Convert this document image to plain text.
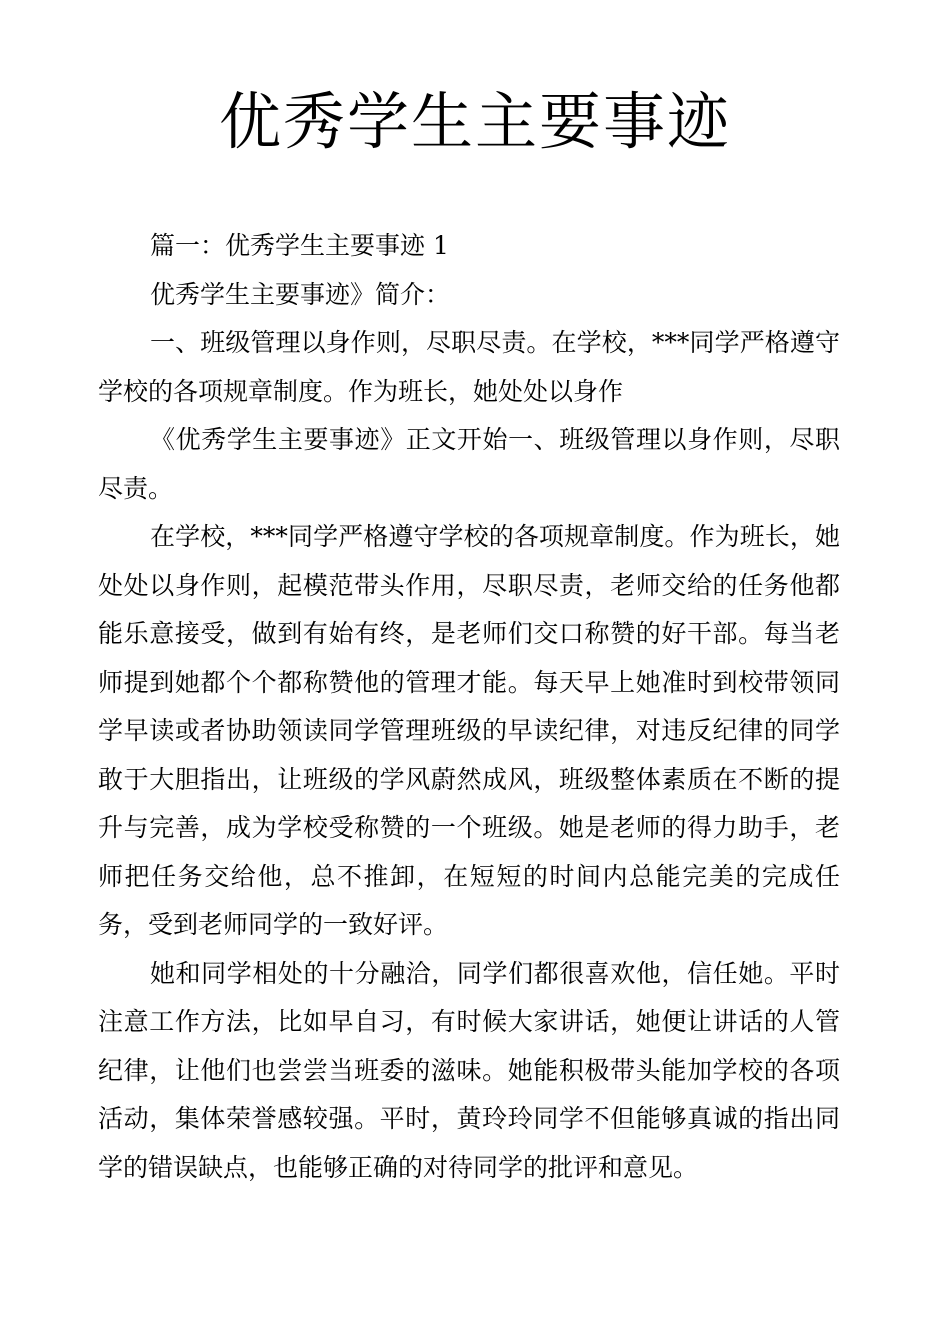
优秀学生主要事迹

篇一：优秀学生主要事迹 1

优秀学生主要事迹》简介：

一、班级管理以身作则，尽职尽责。在学校，***同学严格遵守学校的各项规章制度。作为班长，她处处以身作

《优秀学生主要事迹》正文开始一、班级管理以身作则，尽职尽责。

在学校，***同学严格遵守学校的各项规章制度。作为班长，她处处以身作则，起模范带头作用，尽职尽责，老师交给的任务他都能乐意接受，做到有始有终，是老师们交口称赞的好干部。每当老师提到她都个个都称赞他的管理才能。每天早上她准时到校带领同学早读或者协助领读同学管理班级的早读纪律，对违反纪律的同学敢于大胆指出，让班级的学风蔚然成风，班级整体素质在不断的提升与完善，成为学校受称赞的一个班级。她是老师的得力助手，老师把任务交给他，总不推卸，在短短的时间内总能完美的完成任务，受到老师同学的一致好评。

她和同学相处的十分融洽，同学们都很喜欢他，信任她。平时注意工作方法，比如早自习，有时候大家讲话，她便让讲话的人管纪律，让他们也尝尝当班委的滋味。她能积极带头能加学校的各项活动，集体荣誉感较强。平时，黄玲玲同学不但能够真诚的指出同学的错误缺点，也能够正确的对待同学的批评和意见。
